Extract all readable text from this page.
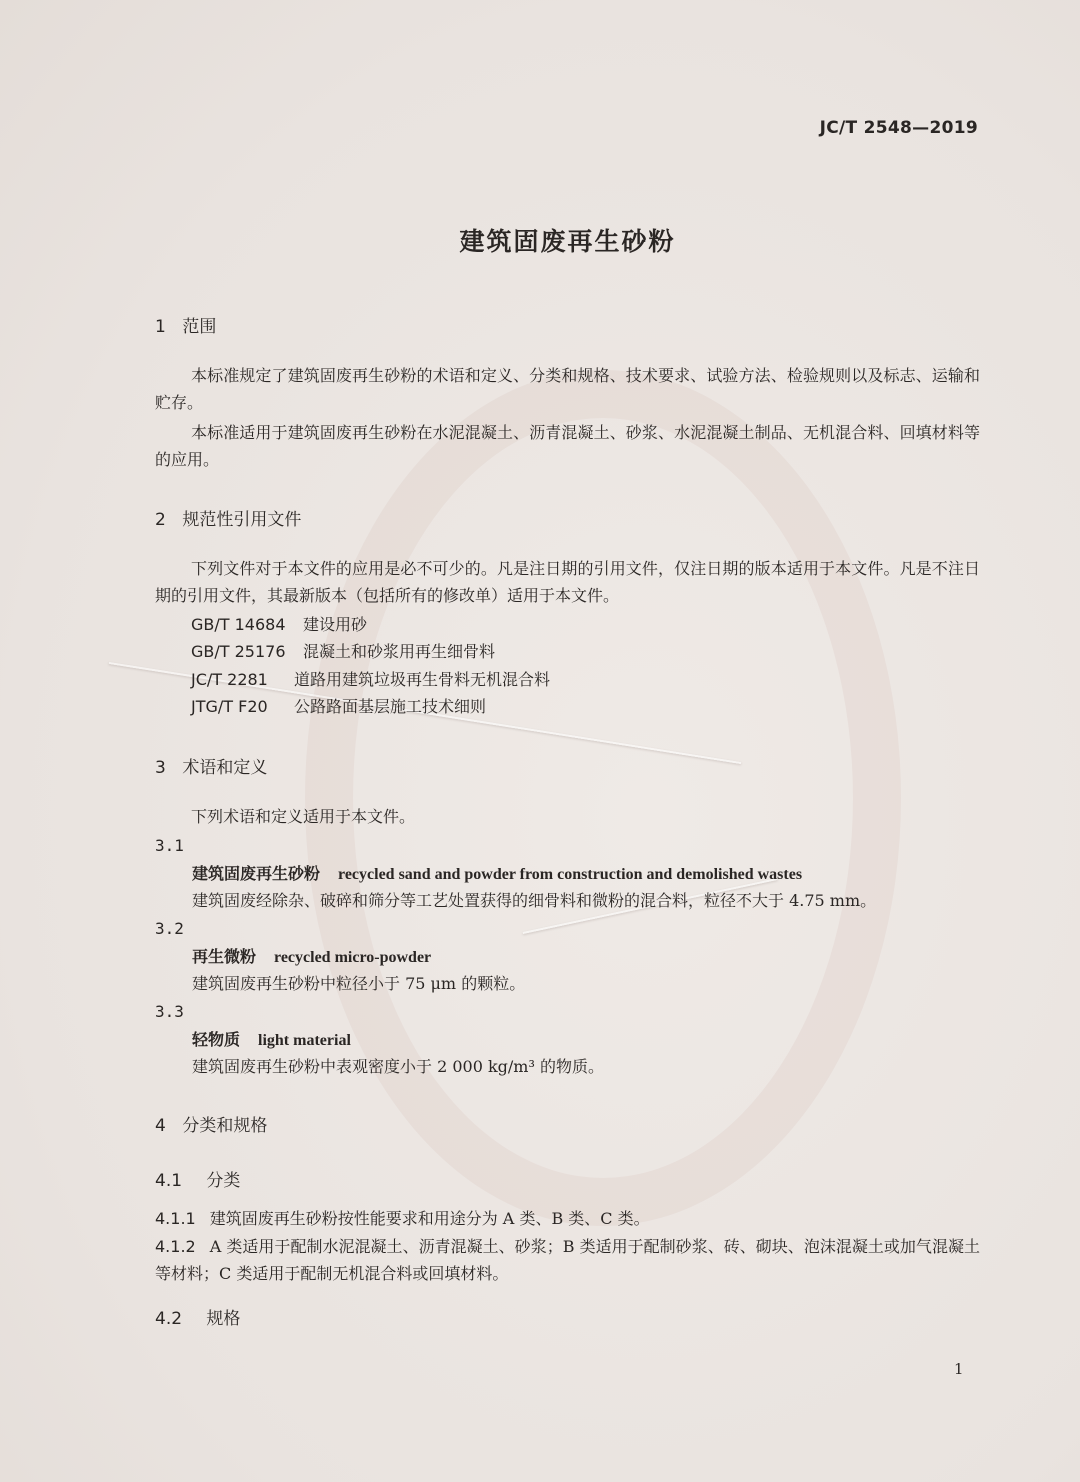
JC/T 2548—2019
建筑固废再生砂粉
1 范围
本标准规定了建筑固废再生砂粉的术语和定义、分类和规格、技术要求、试验方法、检验规则以及标志、运输和贮存。
本标准适用于建筑固废再生砂粉在水泥混凝土、沥青混凝土、砂浆、水泥混凝土制品、无机混合料、回填材料等的应用。
2 规范性引用文件
下列文件对于本文件的应用是必不可少的。凡是注日期的引用文件，仅注日期的版本适用于本文件。凡是不注日期的引用文件，其最新版本（包括所有的修改单）适用于本文件。
GB/T 14684 建设用砂
GB/T 25176 混凝土和砂浆用再生细骨料
JC/T 2281 道路用建筑垃圾再生骨料无机混合料
JTG/T F20 公路路面基层施工技术细则
3 术语和定义
下列术语和定义适用于本文件。
3.1
建筑固废再生砂粉 recycled sand and powder from construction and demolished wastes
建筑固废经除杂、破碎和筛分等工艺处置获得的细骨料和微粉的混合料，粒径不大于 4.75 mm。
3.2
再生微粉 recycled micro-powder
建筑固废再生砂粉中粒径小于 75 μm 的颗粒。
3.3
轻物质 light material
建筑固废再生砂粉中表观密度小于 2 000 kg/m³ 的物质。
4 分类和规格
4.1 分类
4.1.1 建筑固废再生砂粉按性能要求和用途分为 A 类、B 类、C 类。
4.1.2 A 类适用于配制水泥混凝土、沥青混凝土、砂浆；B 类适用于配制砂浆、砖、砌块、泡沫混凝土或加气混凝土等材料；C 类适用于配制无机混合料或回填材料。
4.2 规格
1
